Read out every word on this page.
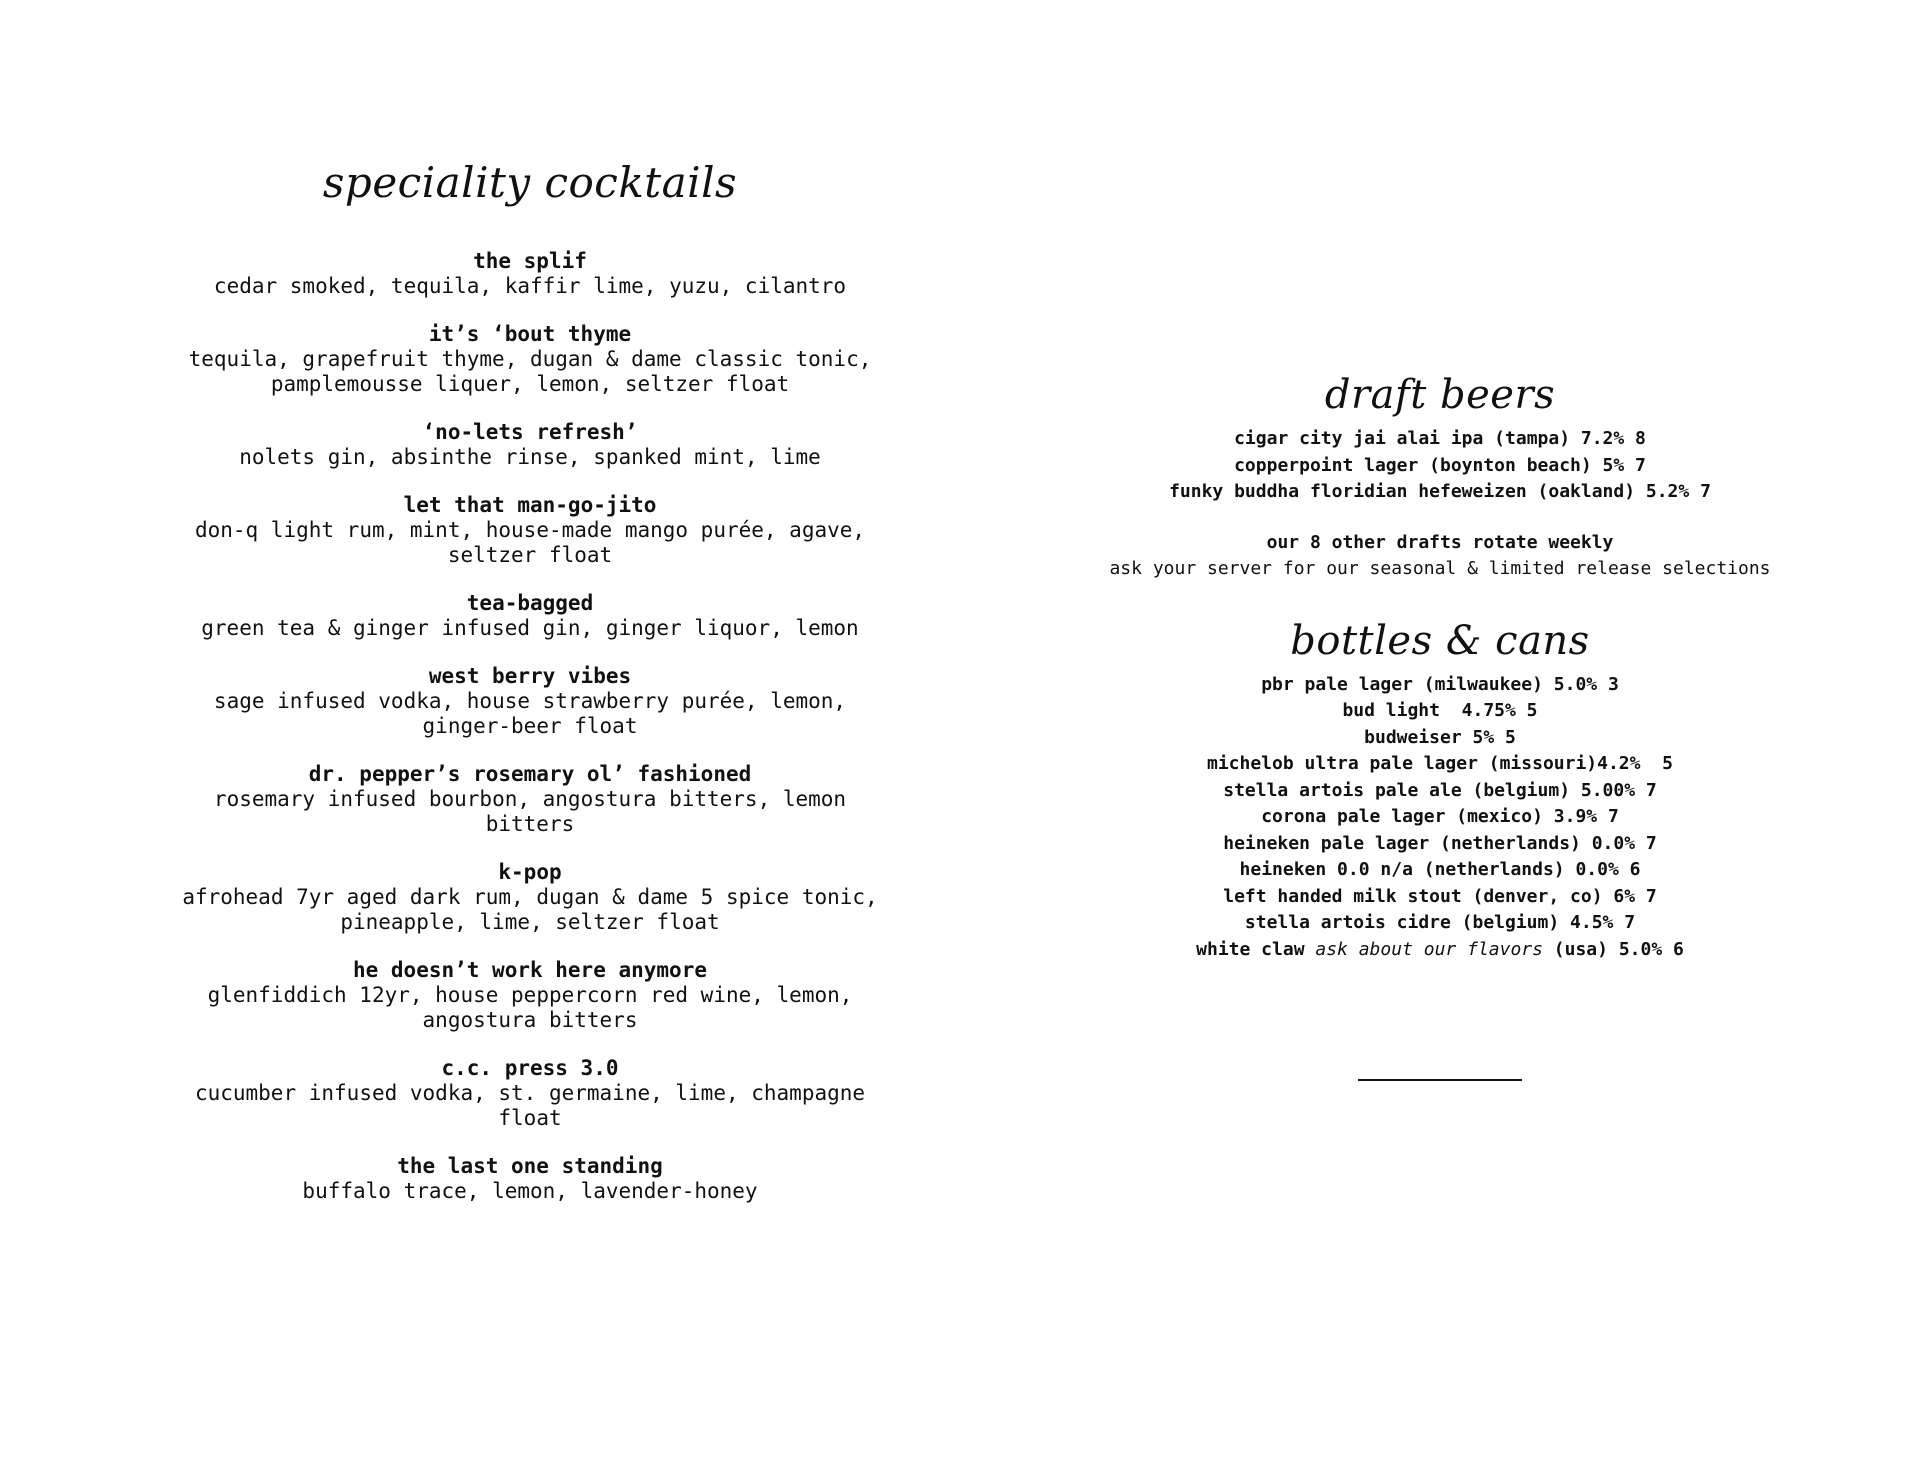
speciality cocktails
the splif
cedar smoked, tequila, kaffir lime, yuzu, cilantro
it’s ‘bout thyme
tequila, grapefruit thyme, dugan & dame classic tonic,
pamplemousse liquer, lemon, seltzer float
‘no-lets refresh’
nolets gin, absinthe rinse, spanked mint, lime
let that man-go-jito
don-q light rum, mint, house-made mango purée, agave,
seltzer float
tea-bagged
green tea & ginger infused gin, ginger liquor, lemon
west berry vibes
sage infused vodka, house strawberry purée, lemon,
ginger-beer float
dr. pepper’s rosemary ol’ fashioned
rosemary infused bourbon, angostura bitters, lemon
bitters
k-pop
afrohead 7yr aged dark rum, dugan & dame 5 spice tonic,
pineapple, lime, seltzer float
he doesn’t work here anymore
glenfiddich 12yr, house peppercorn red wine, lemon,
angostura bitters
c.c. press 3.0
cucumber infused vodka, st. germaine, lime, champagne
float
the last one standing
buffalo trace, lemon, lavender-honey
draft beers
cigar city jai alai ipa (tampa) 7.2% 8
copperpoint lager (boynton beach) 5% 7
funky buddha floridian hefeweizen (oakland) 5.2% 7
our 8 other drafts rotate weekly
ask your server for our seasonal & limited release selections
bottles & cans
pbr pale lager (milwaukee) 5.0% 3
bud light  4.75% 5
budweiser 5% 5
michelob ultra pale lager (missouri)4.2%  5
stella artois pale ale (belgium) 5.00% 7
corona pale lager (mexico) 3.9% 7
heineken pale lager (netherlands) 0.0% 7
heineken 0.0 n/a (netherlands) 0.0% 6
left handed milk stout (denver, co) 6% 7
stella artois cidre (belgium) 4.5% 7
white claw ask about our flavors (usa) 5.0% 6
